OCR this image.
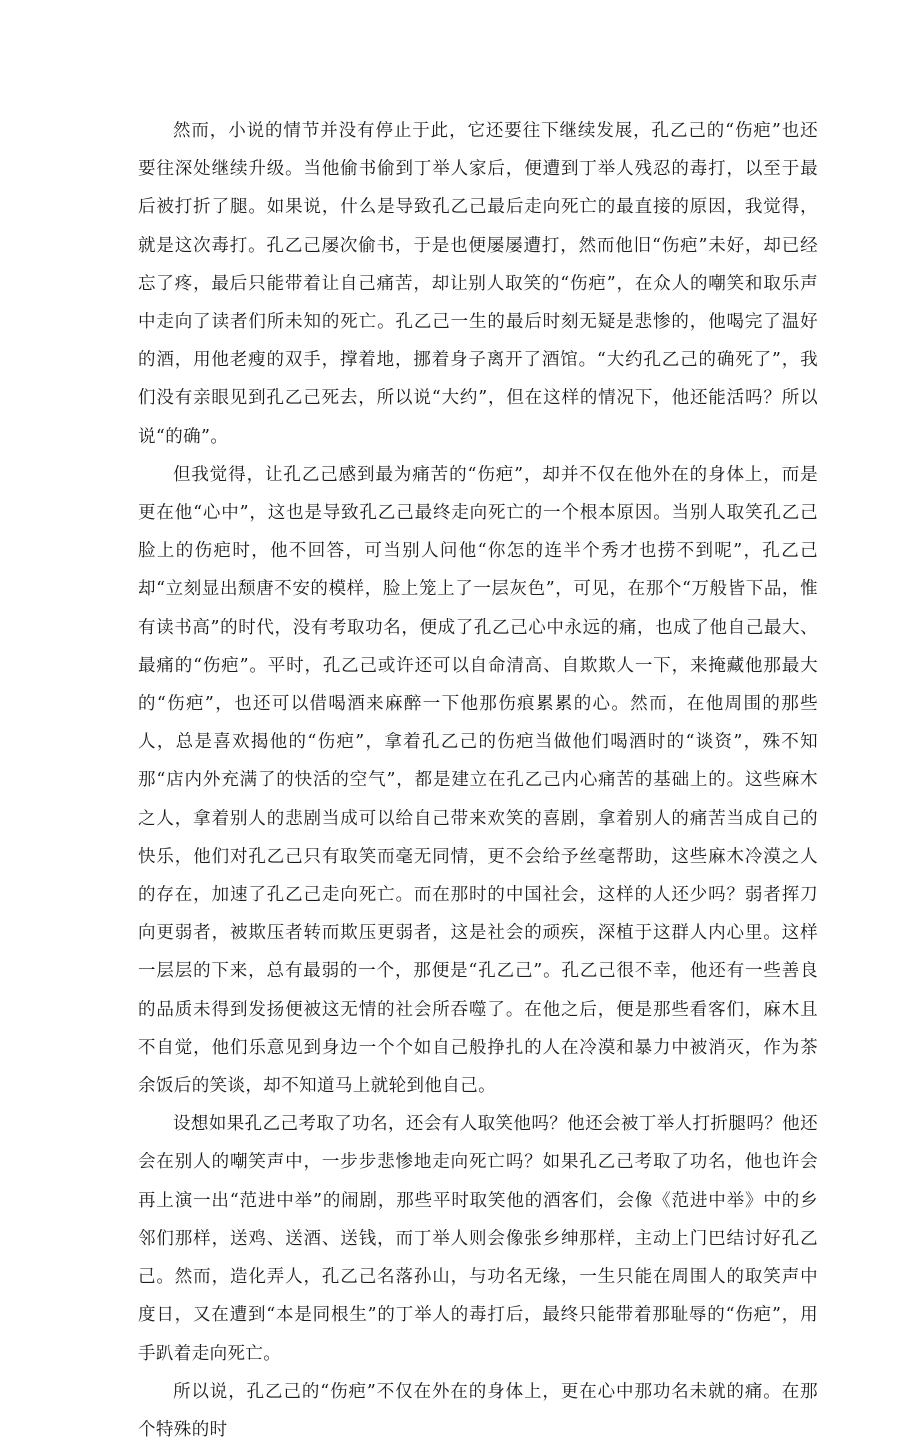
然而，小说的情节并没有停止于此，它还要往下继续发展，孔乙己的“伤疤”也还要往深处继续升级。当他偷书偷到丁举人家后，便遭到丁举人残忍的毒打，以至于最后被打折了腿。如果说，什么是导致孔乙己最后走向死亡的最直接的原因，我觉得，就是这次毒打。孔乙己屡次偷书，于是也便屡屡遭打，然而他旧“伤疤”未好，却已经忘了疼，最后只能带着让自己痛苦，却让别人取笑的“伤疤”，在众人的嘲笑和取乐声中走向了读者们所未知的死亡。孔乙己一生的最后时刻无疑是悲惨的，他喝完了温好的酒，用他老瘦的双手，撑着地，挪着身子离开了酒馆。“大约孔乙己的确死了”，我们没有亲眼见到孔乙己死去，所以说“大约”，但在这样的情况下，他还能活吗？所以说“的确”。

但我觉得，让孔乙己感到最为痛苦的“伤疤”，却并不仅在他外在的身体上，而是更在他“心中”，这也是导致孔乙己最终走向死亡的一个根本原因。当别人取笑孔乙己脸上的伤疤时，他不回答，可当别人问他“你怎的连半个秀才也捞不到呢”，孔乙己却“立刻显出颓唐不安的模样，脸上笼上了一层灰色”，可见，在那个“万般皆下品，惟有读书高”的时代，没有考取功名，便成了孔乙己心中永远的痛，也成了他自己最大、最痛的“伤疤”。平时，孔乙己或许还可以自命清高、自欺欺人一下，来掩藏他那最大的“伤疤”，也还可以借喝酒来麻醉一下他那伤痕累累的心。然而，在他周围的那些人，总是喜欢揭他的“伤疤”，拿着孔乙己的伤疤当做他们喝酒时的“谈资”，殊不知那“店内外充满了的快活的空气”，都是建立在孔乙己内心痛苦的基础上的。这些麻木之人，拿着别人的悲剧当成可以给自己带来欢笑的喜剧，拿着别人的痛苦当成自己的快乐，他们对孔乙己只有取笑而毫无同情，更不会给予丝毫帮助，这些麻木冷漠之人的存在，加速了孔乙己走向死亡。而在那时的中国社会，这样的人还少吗？弱者挥刀向更弱者，被欺压者转而欺压更弱者，这是社会的顽疾，深植于这群人内心里。这样一层层的下来，总有最弱的一个，那便是“孔乙己”。孔乙己很不幸，他还有一些善良的品质未得到发扬便被这无情的社会所吞噬了。在他之后，便是那些看客们，麻木且不自觉，他们乐意见到身边一个个如自己般挣扎的人在冷漠和暴力中被消灭，作为茶余饭后的笑谈，却不知道马上就轮到他自己。

设想如果孔乙己考取了功名，还会有人取笑他吗？他还会被丁举人打折腿吗？他还会在别人的嘲笑声中，一步步悲惨地走向死亡吗？如果孔乙己考取了功名，他也许会再上演一出“范进中举”的闹剧，那些平时取笑他的酒客们，会像《范进中举》中的乡邻们那样，送鸡、送酒、送钱，而丁举人则会像张乡绅那样，主动上门巴结讨好孔乙己。然而，造化弄人，孔乙己名落孙山，与功名无缘，一生只能在周围人的取笑声中度日，又在遭到“本是同根生”的丁举人的毒打后，最终只能带着那耻辱的“伤疤”，用手趴着走向死亡。

所以说，孔乙己的“伤疤”不仅在外在的身体上，更在心中那功名未就的痛。在那个特殊的时
